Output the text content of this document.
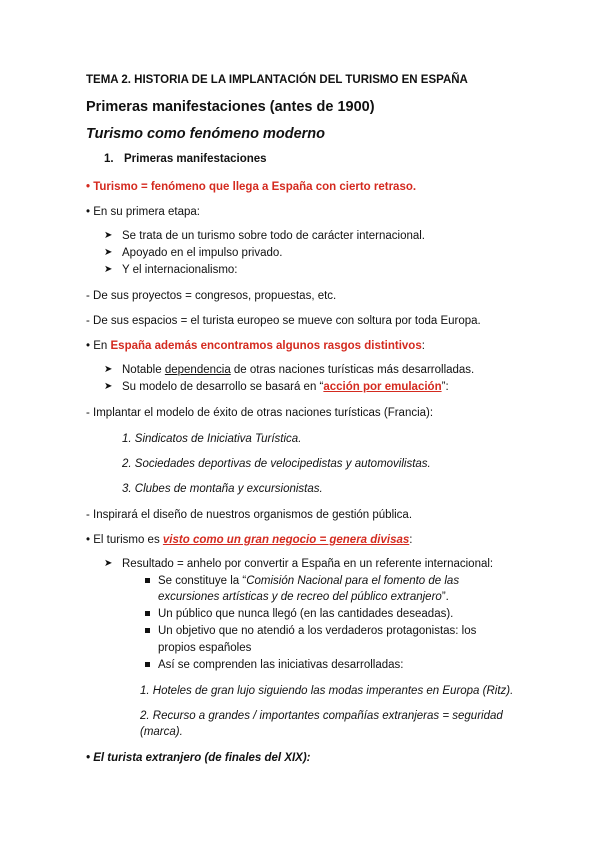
TEMA 2. HISTORIA DE LA IMPLANTACIÓN DEL TURISMO EN ESPAÑA
Primeras manifestaciones (antes de 1900)
Turismo como fenómeno moderno
1. Primeras manifestaciones
• Turismo = fenómeno que llega a España con cierto retraso.
• En su primera etapa:
➤ Se trata de un turismo sobre todo de carácter internacional.
➤ Apoyado en el impulso privado.
➤ Y el internacionalismo:
- De sus proyectos = congresos, propuestas, etc.
- De sus espacios = el turista europeo se mueve con soltura por toda Europa.
• En España además encontramos algunos rasgos distintivos:
➤ Notable dependencia de otras naciones turísticas más desarrolladas.
➤ Su modelo de desarrollo se basará en “acción por emulación”:
- Implantar el modelo de éxito de otras naciones turísticas (Francia):
1. Sindicatos de Iniciativa Turística.
2. Sociedades deportivas de velocipedistas y automovilistas.
3. Clubes de montaña y excursionistas.
- Inspirará el diseño de nuestros organismos de gestión pública.
• El turismo es visto como un gran negocio = genera divisas:
➤ Resultado = anhelo por convertir a España en un referente internacional:
Se constituye la “Comisión Nacional para el fomento de las
excursiones artísticas y de recreo del público extranjero”.
Un público que nunca llegó (en las cantidades deseadas).
Un objetivo que no atendió a los verdaderos protagonistas: los
propios españoles
Así se comprenden las iniciativas desarrolladas:
1. Hoteles de gran lujo siguiendo las modas imperantes en Europa (Ritz).
2. Recurso a grandes / importantes compañías extranjeras = seguridad
(marca).
• El turista extranjero (de finales del XIX):
